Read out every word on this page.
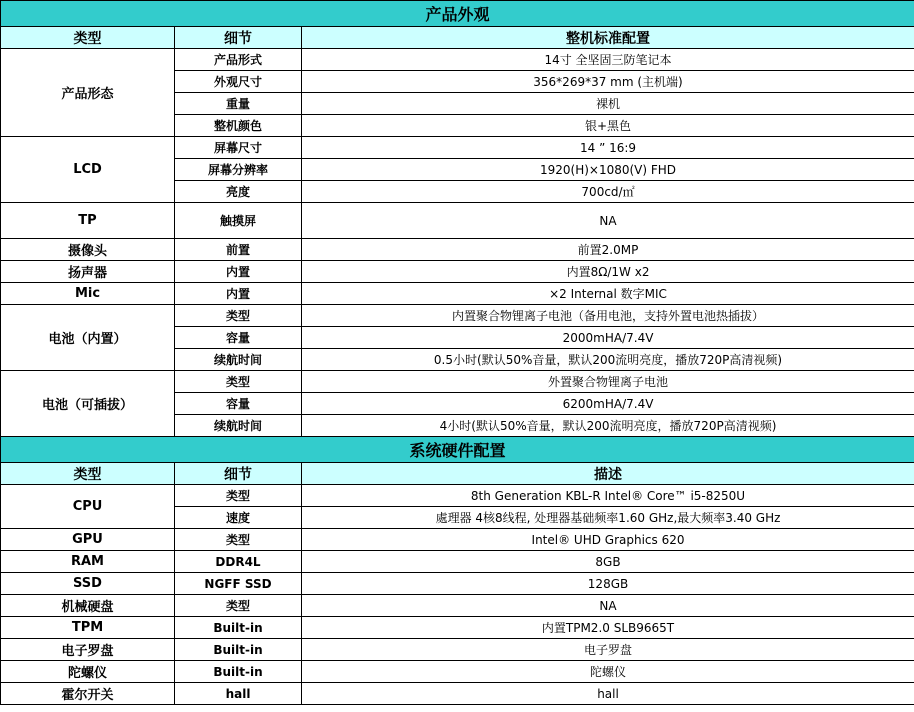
产品外观		
类型	细节	整机标准配置
产品形态	产品形式	14寸 全坚固三防笔记本
	外观尺寸	356*269*37 mm (主机端)
	重量	裸机
	整机颜色	银+黑色
LCD	屏幕尺寸	14 ” 16:9
	屏幕分辨率	1920(H)×1080(V) FHD
	亮度	700cd/㎡
TP	触摸屏	NA
摄像头	前置	前置2.0MP
扬声器	内置	内置8Ω/1W x2
Mic	内置	×2 Internal 数字MIC
电池（内置）	类型	内置聚合物锂离子电池（备用电池，支持外置电池热插拔）
	容量	2000mHA/7.4V
	续航时间	0.5小时(默认50%音量，默认200流明亮度，播放720P高清视频)
电池（可插拔）	类型	外置聚合物锂离子电池
	容量	6200mHA/7.4V
	续航时间	4小时(默认50%音量，默认200流明亮度，播放720P高清视频)
系统硬件配置		
类型	细节	描述
CPU	类型	8th Generation KBL-R Intel® Core™ i5-8250U
	速度	處理器 4核8线程, 处理器基础频率1.60 GHz,最大频率3.40 GHz
GPU	类型	Intel® UHD Graphics 620
RAM	DDR4L	8GB
SSD	NGFF SSD	128GB
机械硬盘	类型	NA
TPM	Built-in	内置TPM2.0 SLB9665T
电子罗盘	Built-in	电子罗盘
陀螺仪	Built-in	陀螺仪
霍尔开关	hall	hall
